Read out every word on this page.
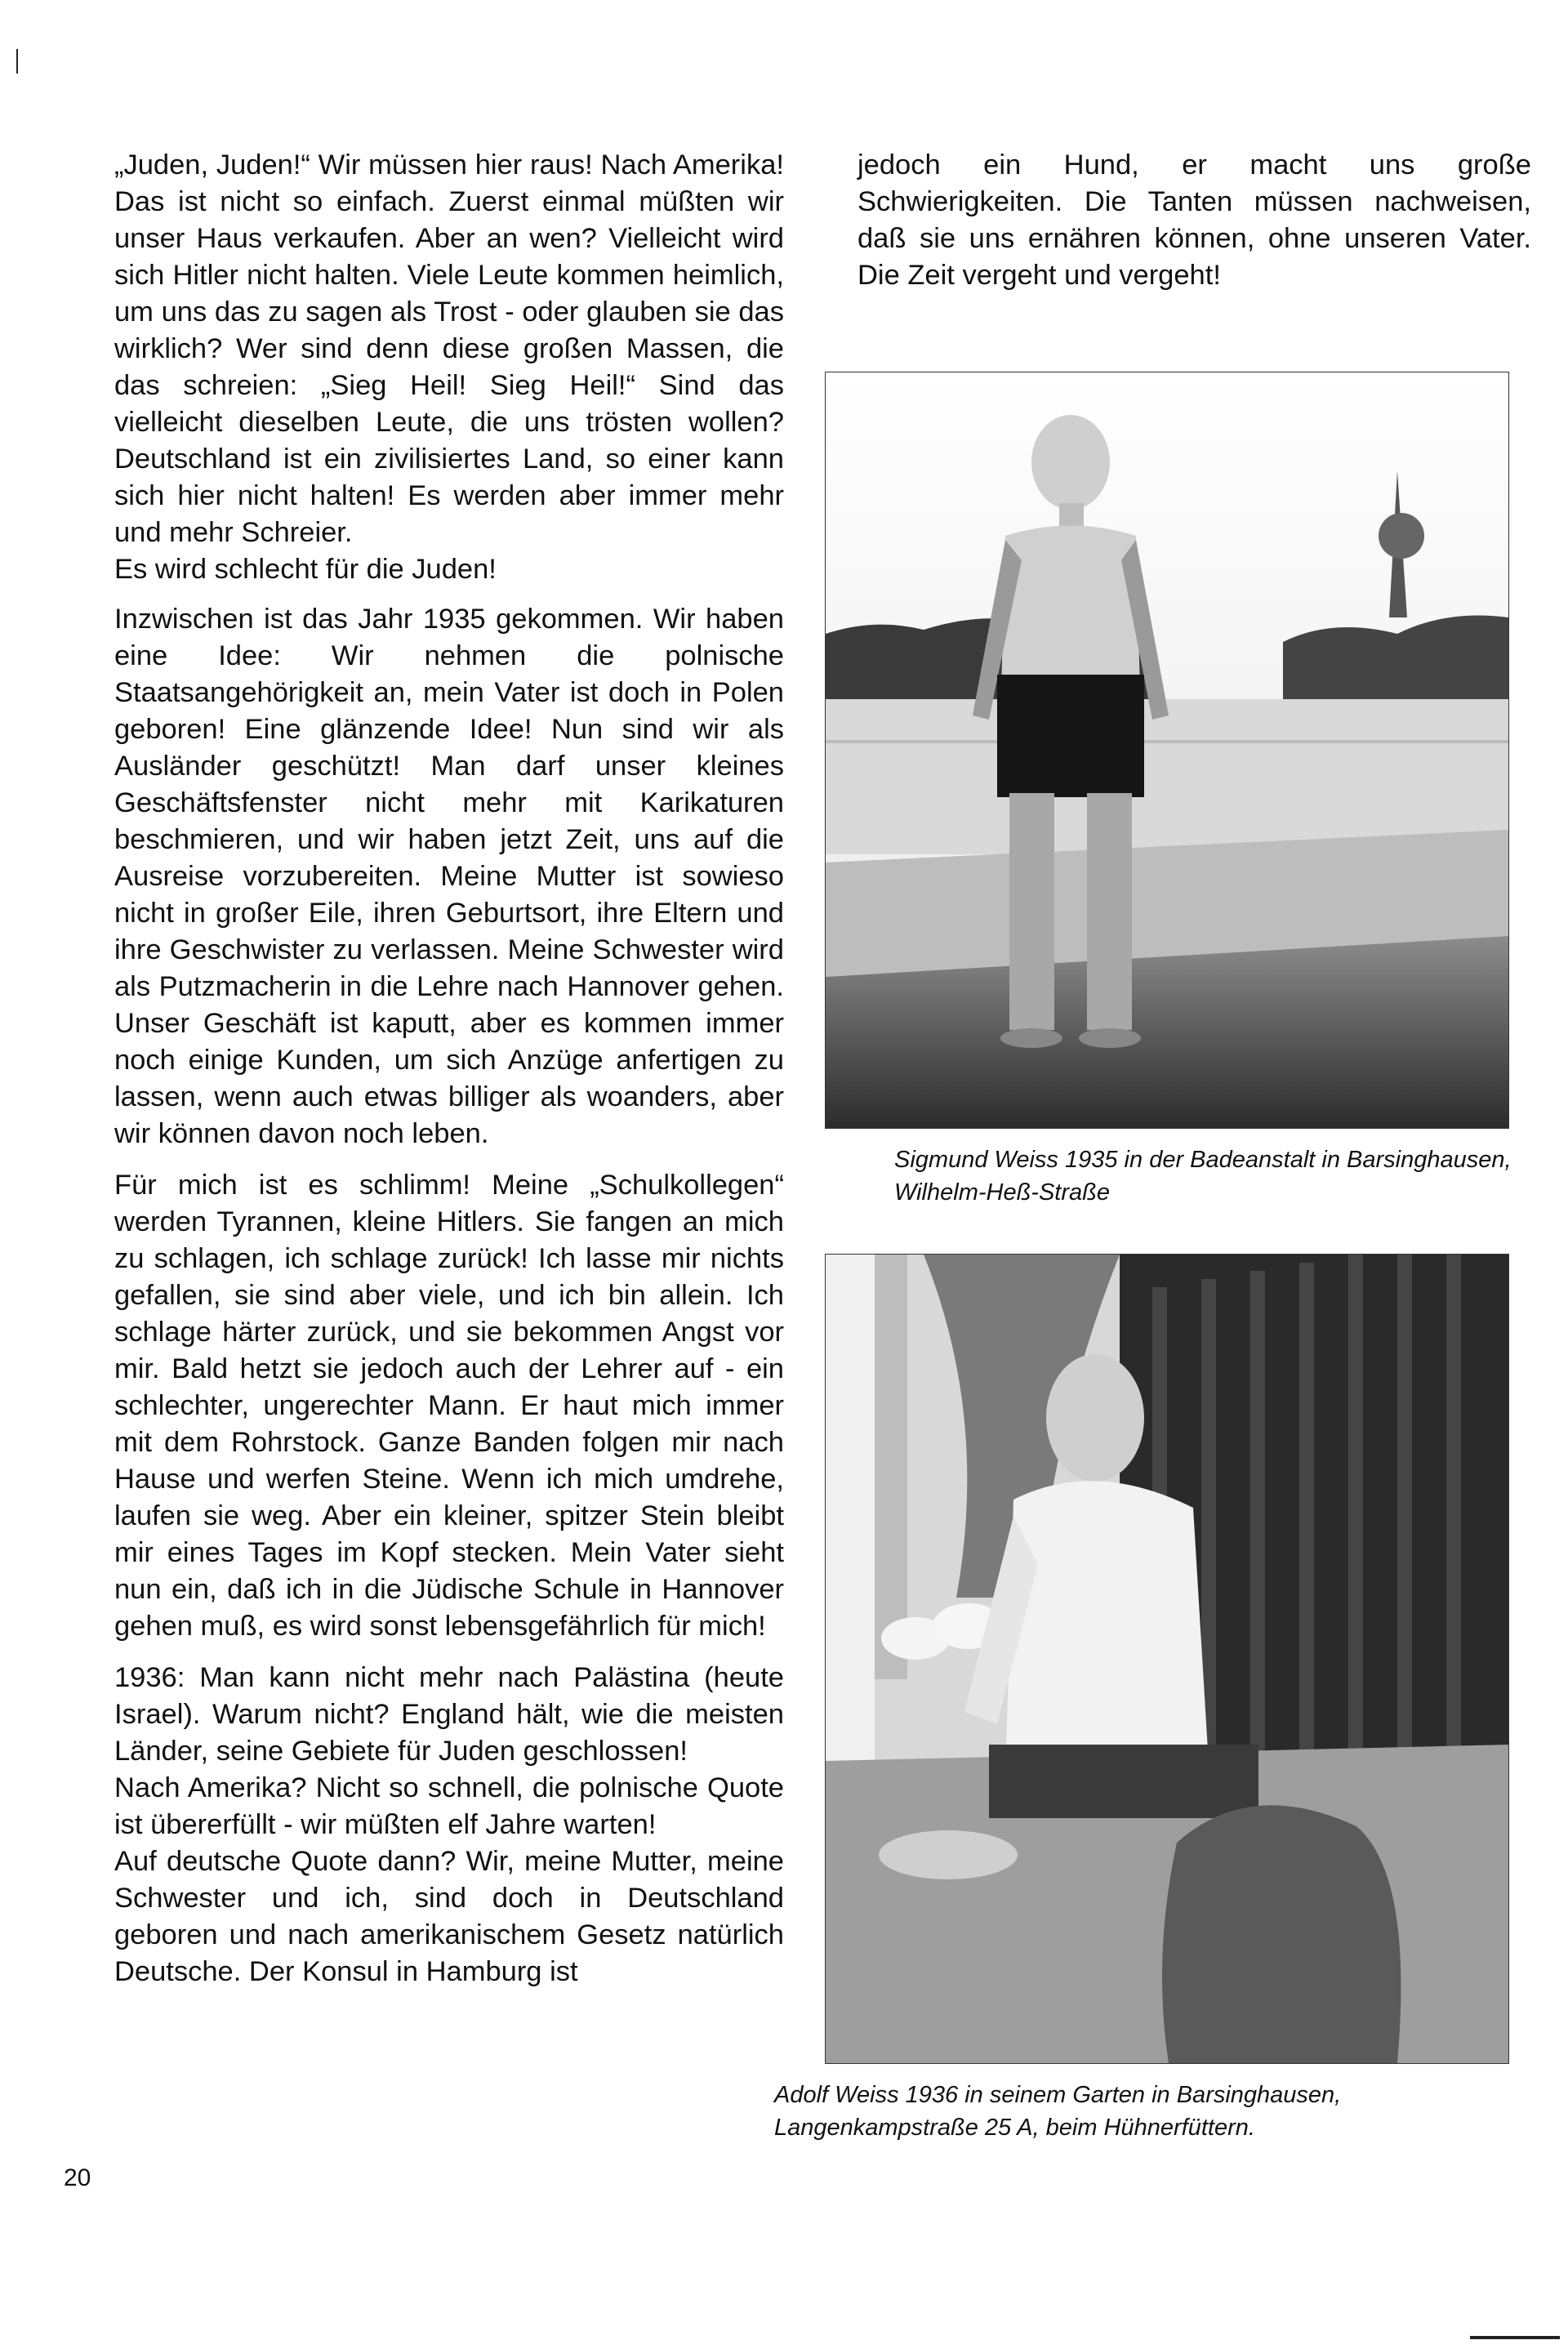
„Juden, Juden!“ Wir müssen hier raus! Nach Amerika! Das ist nicht so einfach. Zuerst einmal müßten wir unser Haus verkaufen. Aber an wen? Vielleicht wird sich Hitler nicht halten. Viele Leute kommen heimlich, um uns das zu sagen als Trost - oder glauben sie das wirklich? Wer sind denn diese großen Massen, die das schreien: „Sieg Heil! Sieg Heil!“ Sind das vielleicht dieselben Leute, die uns trösten wollen? Deutschland ist ein zivilisiertes Land, so einer kann sich hier nicht halten! Es werden aber immer mehr und mehr Schreier.

Es wird schlecht für die Juden!

Inzwischen ist das Jahr 1935 gekommen. Wir haben eine Idee: Wir nehmen die polnische Staatsangehörigkeit an, mein Vater ist doch in Polen geboren! Eine glänzende Idee! Nun sind wir als Ausländer geschützt! Man darf unser kleines Geschäftsfenster nicht mehr mit Karikaturen beschmieren, und wir haben jetzt Zeit, uns auf die Ausreise vorzubereiten. Meine Mutter ist sowieso nicht in großer Eile, ihren Geburtsort, ihre Eltern und ihre Geschwister zu verlassen. Meine Schwester wird als Putzmacherin in die Lehre nach Hannover gehen. Unser Geschäft ist kaputt, aber es kommen immer noch einige Kunden, um sich Anzüge anfertigen zu lassen, wenn auch etwas billiger als woanders, aber wir können davon noch leben.

Für mich ist es schlimm! Meine „Schulkollegen“ werden Tyrannen, kleine Hitlers. Sie fangen an mich zu schlagen, ich schlage zurück! Ich lasse mir nichts gefallen, sie sind aber viele, und ich bin allein. Ich schlage härter zurück, und sie bekommen Angst vor mir. Bald hetzt sie jedoch auch der Lehrer auf - ein schlechter, ungerechter Mann. Er haut mich immer mit dem Rohrstock. Ganze Banden folgen mir nach Hause und werfen Steine. Wenn ich mich umdrehe, laufen sie weg. Aber ein kleiner, spitzer Stein bleibt mir eines Tages im Kopf stecken. Mein Vater sieht nun ein, daß ich in die Jüdische Schule in Hannover gehen muß, es wird sonst lebensgefährlich für mich!

1936: Man kann nicht mehr nach Palästina (heute Israel). Warum nicht? England hält, wie die meisten Länder, seine Gebiete für Juden geschlossen!

Nach Amerika? Nicht so schnell, die polnische Quote ist übererfüllt - wir müßten elf Jahre warten!

Auf deutsche Quote dann? Wir, meine Mutter, meine Schwester und ich, sind doch in Deutschland geboren und nach amerikanischem Gesetz natürlich Deutsche. Der Konsul in Hamburg ist

jedoch ein Hund, er macht uns große Schwierigkeiten. Die Tanten müssen nachweisen, daß sie uns ernähren können, ohne unseren Vater. Die Zeit vergeht und vergeht!

Sigmund Weiss 1935 in der Badeanstalt in Barsinghausen,
Wilhelm-Heß-Straße
Adolf Weiss 1936 in seinem Garten in Barsinghausen,
Langenkampstraße 25 A, beim Hühnerfüttern.
20
